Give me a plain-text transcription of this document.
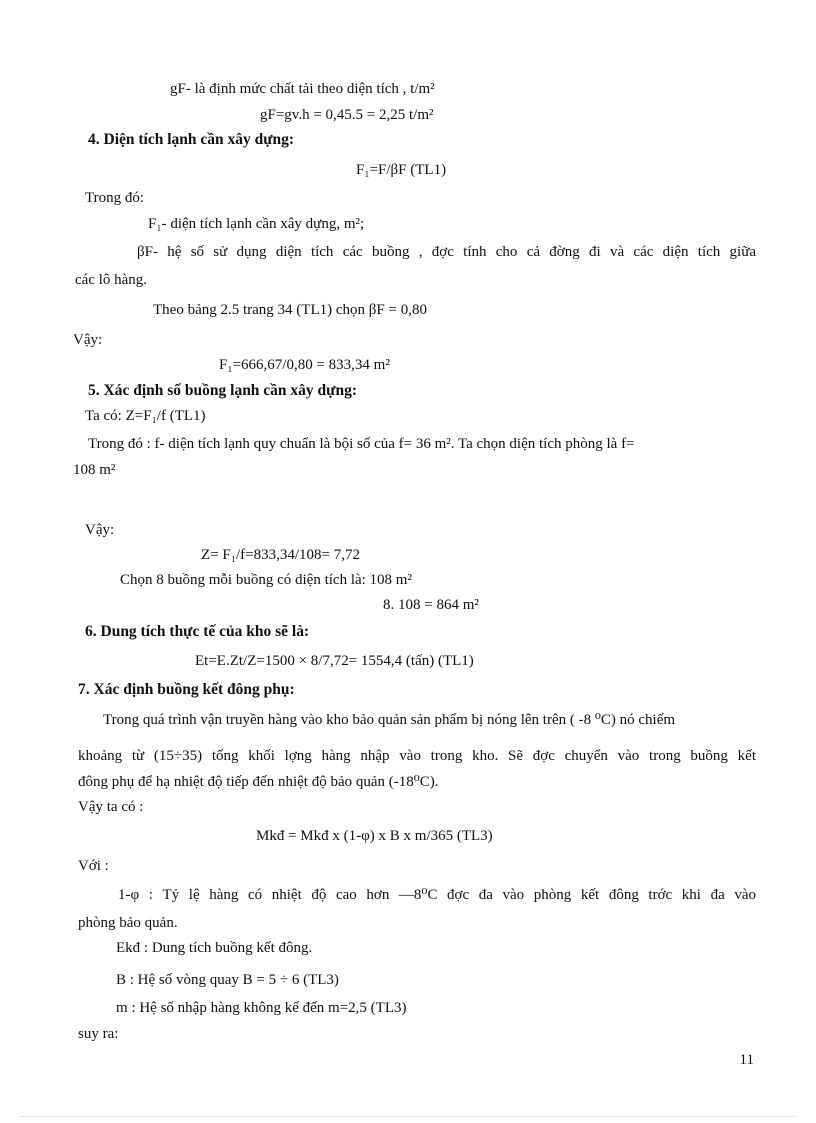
gF- là định mức chất tải theo diện tích , t/m²
gF=gv.h = 0,45.5 = 2,25 t/m²
4. Diện tích lạnh cần xây dựng:
F₁=F/βF (TL1)
Trong đó:
F₁- diện tích lạnh cần xây dựng, m²;
βF- hệ số sử dụng diện tích các buồng , đợc tính cho cả đờng đi và các diện tích giữa
các lô hàng.
Theo bảng 2.5 trang 34 (TL1) chọn βF = 0,80
Vậy:
F₁=666,67/0,80 = 833,34 m²
5. Xác định số buồng lạnh cần xây dựng:
Ta có: Z=F₁/f (TL1)
Trong đó : f- diện tích lạnh quy chuẩn là bội số của f= 36 m². Ta chọn diện tích phòng là f=
108 m²
Vậy:
Z= F₁/f=833,34/108= 7,72
Chọn 8 buồng mỗi buồng có diện tích là: 108 m²
8. 108 = 864 m²
6. Dung tích thực tế của kho sẽ là:
Et=E.Zt/Z=1500 × 8/7,72= 1554,4 (tấn) (TL1)
7. Xác định buồng kết đông phụ:
Trong quá trình vận truyền hàng vào kho bảo quản sản phẩm bị nóng lên trên ( -8 ⁰C) nó chiếm
khoảng từ (15÷35) tổng khối lợng hàng nhập vào trong kho. Sẽ đợc chuyển vào trong buồng kết
đông phụ để hạ nhiệt độ tiếp đến nhiệt độ bảo quản (-18⁰C).
Vậy ta có :
Mkđ = Mkđ x (1-φ) x B x m/365 (TL3)
Với :
1-φ : Tỷ lệ hàng có nhiệt độ cao hơn —8⁰C đợc đa vào phòng kết đông trớc khi đa vào
phòng bảo quản.
Ekđ : Dung tích buồng kết đông.
B : Hệ số vòng quay B = 5 ÷ 6 (TL3)
m : Hệ số nhập hàng không kể đến m=2,5 (TL3)
suy ra:
11
